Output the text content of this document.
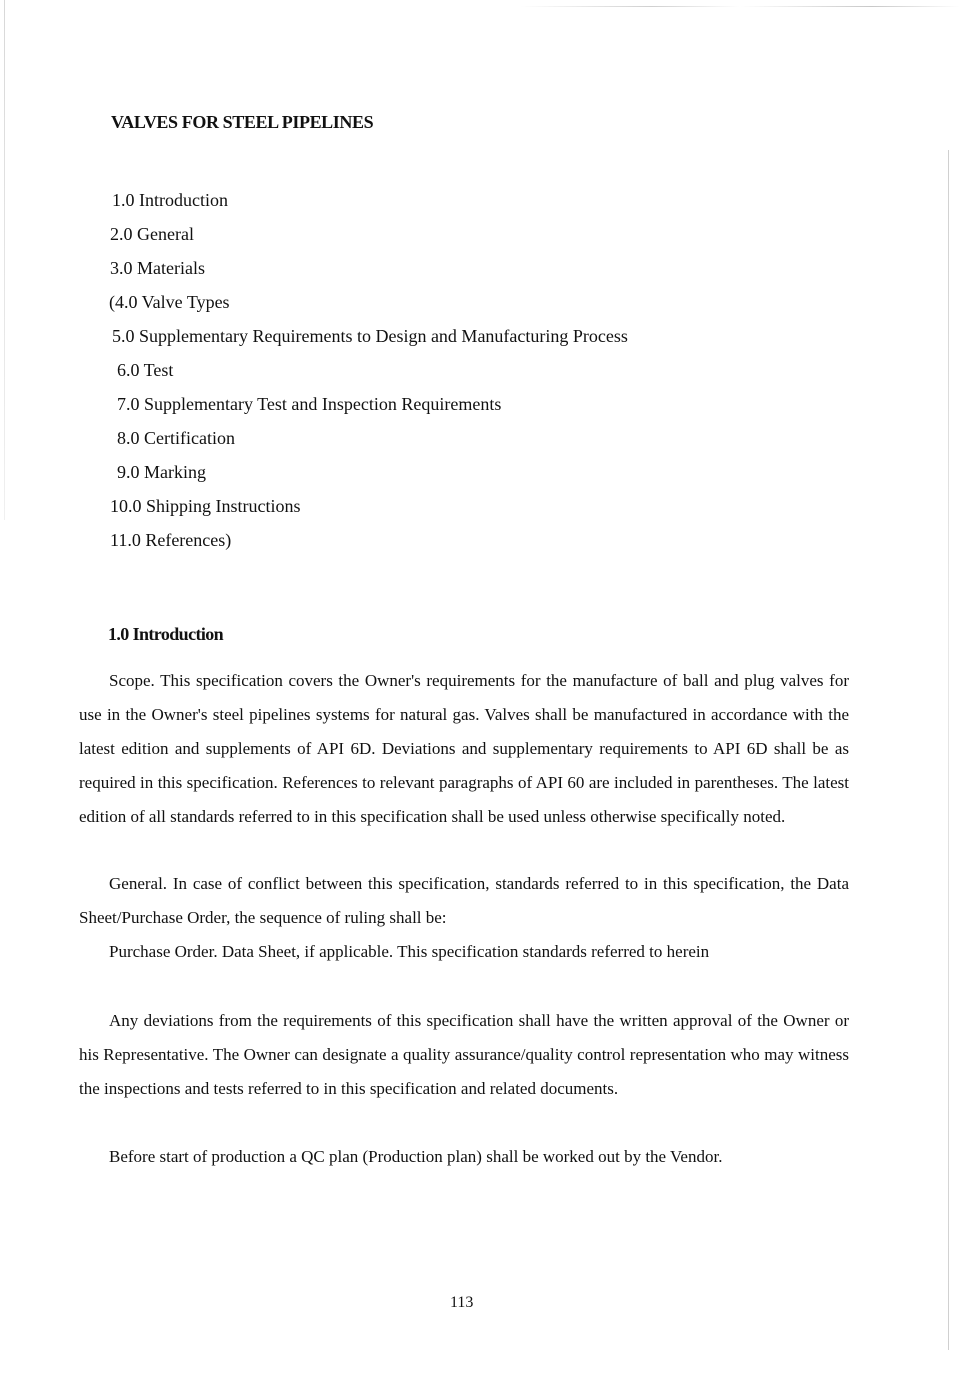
VALVES FOR STEEL PIPELINES
1.0 Introduction
2.0 General
3.0 Materials
(4.0 Valve Types
5.0 Supplementary Requirements to Design and Manufacturing Process
6.0 Test
7.0 Supplementary Test and Inspection Requirements
8.0 Certification
9.0 Marking
10.0 Shipping Instructions
11.0 References)
1.0 Introduction

Scope. This specification covers the Owner's requirements for the manufacture of ball and plug valves for use in the Owner's steel pipelines systems for natural gas. Valves shall be manufactured in accordance with the latest edition and supplements of API 6D. Deviations and supplementary requirements to API 6D shall be as required in this specification. References to relevant paragraphs of API 60 are included in parentheses. The latest edition of all standards referred to in this specification shall be used unless otherwise specifically noted.

General. In case of conflict between this specification, standards referred to in this specification, the Data Sheet/Purchase Order, the sequence of ruling shall be:

Purchase Order. Data Sheet, if applicable. This specification standards referred to herein

Any deviations from the requirements of this specification shall have the written approval of the Owner or his Representative. The Owner can designate a quality assurance/quality control representation who may witness the inspections and tests referred to in this specification and related documents.

Before start of production a QC plan (Production plan) shall be worked out by the Vendor.

113
